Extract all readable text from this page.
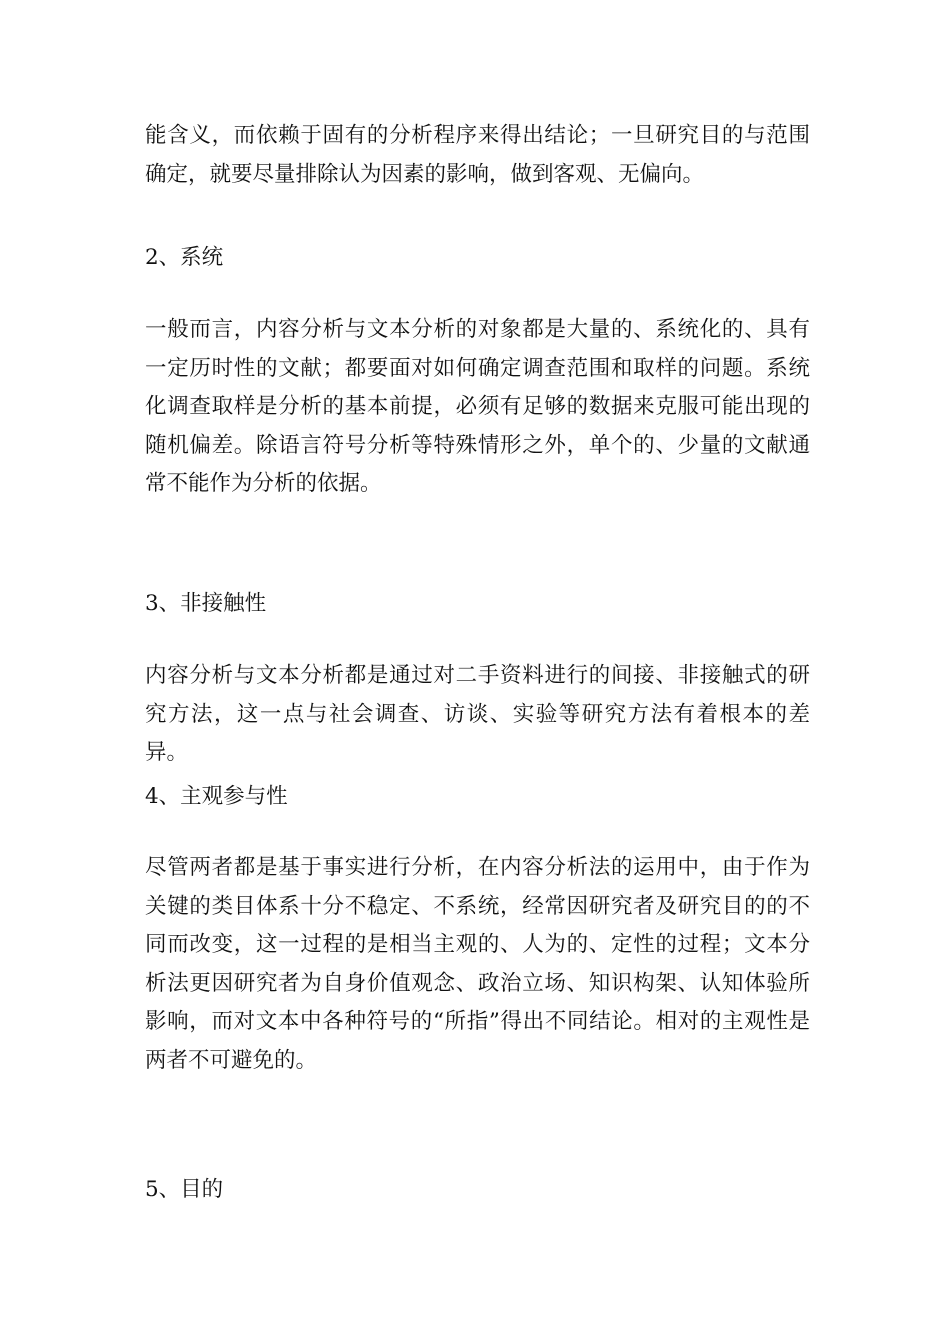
能含义，而依赖于固有的分析程序来得出结论；一旦研究目的与范围确定，就要尽量排除认为因素的影响，做到客观、无偏向。
2、系统
一般而言，内容分析与文本分析的对象都是大量的、系统化的、具有一定历时性的文献；都要面对如何确定调查范围和取样的问题。系统化调查取样是分析的基本前提，必须有足够的数据来克服可能出现的随机偏差。除语言符号分析等特殊情形之外，单个的、少量的文献通常不能作为分析的依据。
3、非接触性
内容分析与文本分析都是通过对二手资料进行的间接、非接触式的研究方法，这一点与社会调查、访谈、实验等研究方法有着根本的差异。
4、主观参与性
尽管两者都是基于事实进行分析，在内容分析法的运用中，由于作为关键的类目体系十分不稳定、不系统，经常因研究者及研究目的的不同而改变，这一过程的是相当主观的、人为的、定性的过程；文本分析法更因研究者为自身价值观念、政治立场、知识构架、认知体验所影响，而对文本中各种符号的“所指”得出不同结论。相对的主观性是两者不可避免的。
5、目的
